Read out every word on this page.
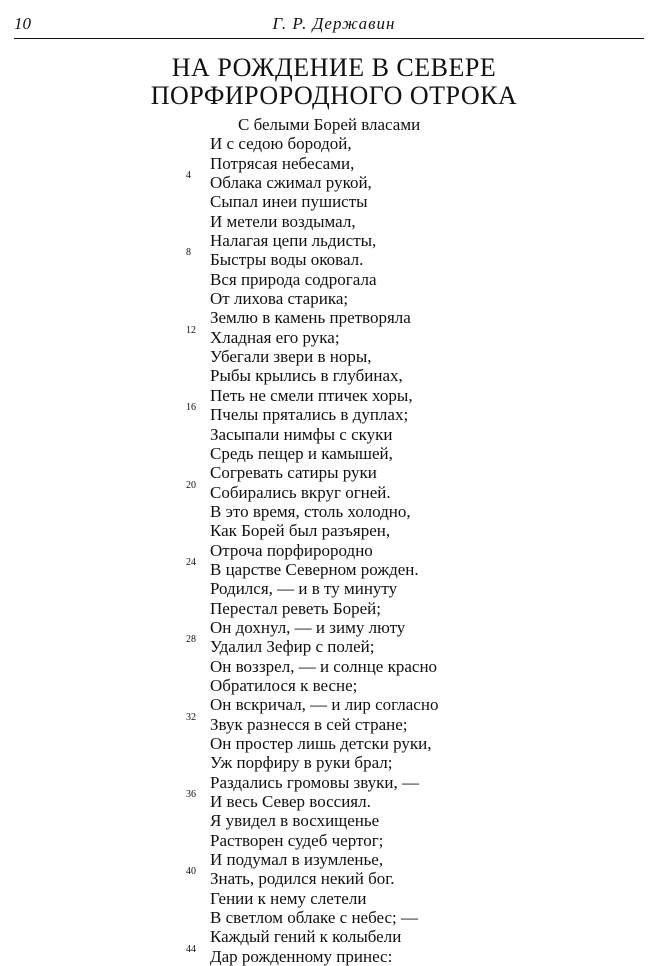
10	Г. Р. Державин
НА РОЖДЕНИЕ В СЕВЕРЕ
ПОРФИРОРОДНОГО ОТРОКА
С белыми Борей власами
И с седою бородой,
Потрясая небесами,
4 Облака сжимал рукой,
Сыпал инеи пушисты
И метели воздымал,
Налагая цепи льдисты,
8 Быстры воды оковал.
Вся природа содрогала
От лихова старика;
Землю в камень претворяла
12 Хладная его рука;
Убегали звери в норы,
Рыбы крылись в глубинах,
Петь не смели птичек хоры,
16 Пчелы прятались в дуплах;
Засыпали нимфы с скуки
Средь пещер и камышей,
Согревать сатиры руки
20 Собирались вкруг огней.
В это время, столь холодно,
Как Борей был разъярен,
Отроча порфирородно
24 В царстве Северном рожден.
Родился, — и в ту минуту
Перестал реветь Борей;
Он дохнул, — и зиму люту
28 Удалил Зефир с полей;
Он воззрел, — и солнце красно
Обратилося к весне;
Он вскричал, — и лир согласно
32 Звук разнесся в сей стране;
Он простер лишь детски руки,
Уж порфиру в руки брал;
Раздались громовы звуки, —
36 И весь Север воссиял.
Я увидел в восхищенье
Растворен судеб чертог;
И подумал в изумленье,
40 Знать, родился некий бог.
Гении к нему слетели
В светлом облаке с небес; —
Каждый гений к колыбели
44 Дар рожденному принес:
